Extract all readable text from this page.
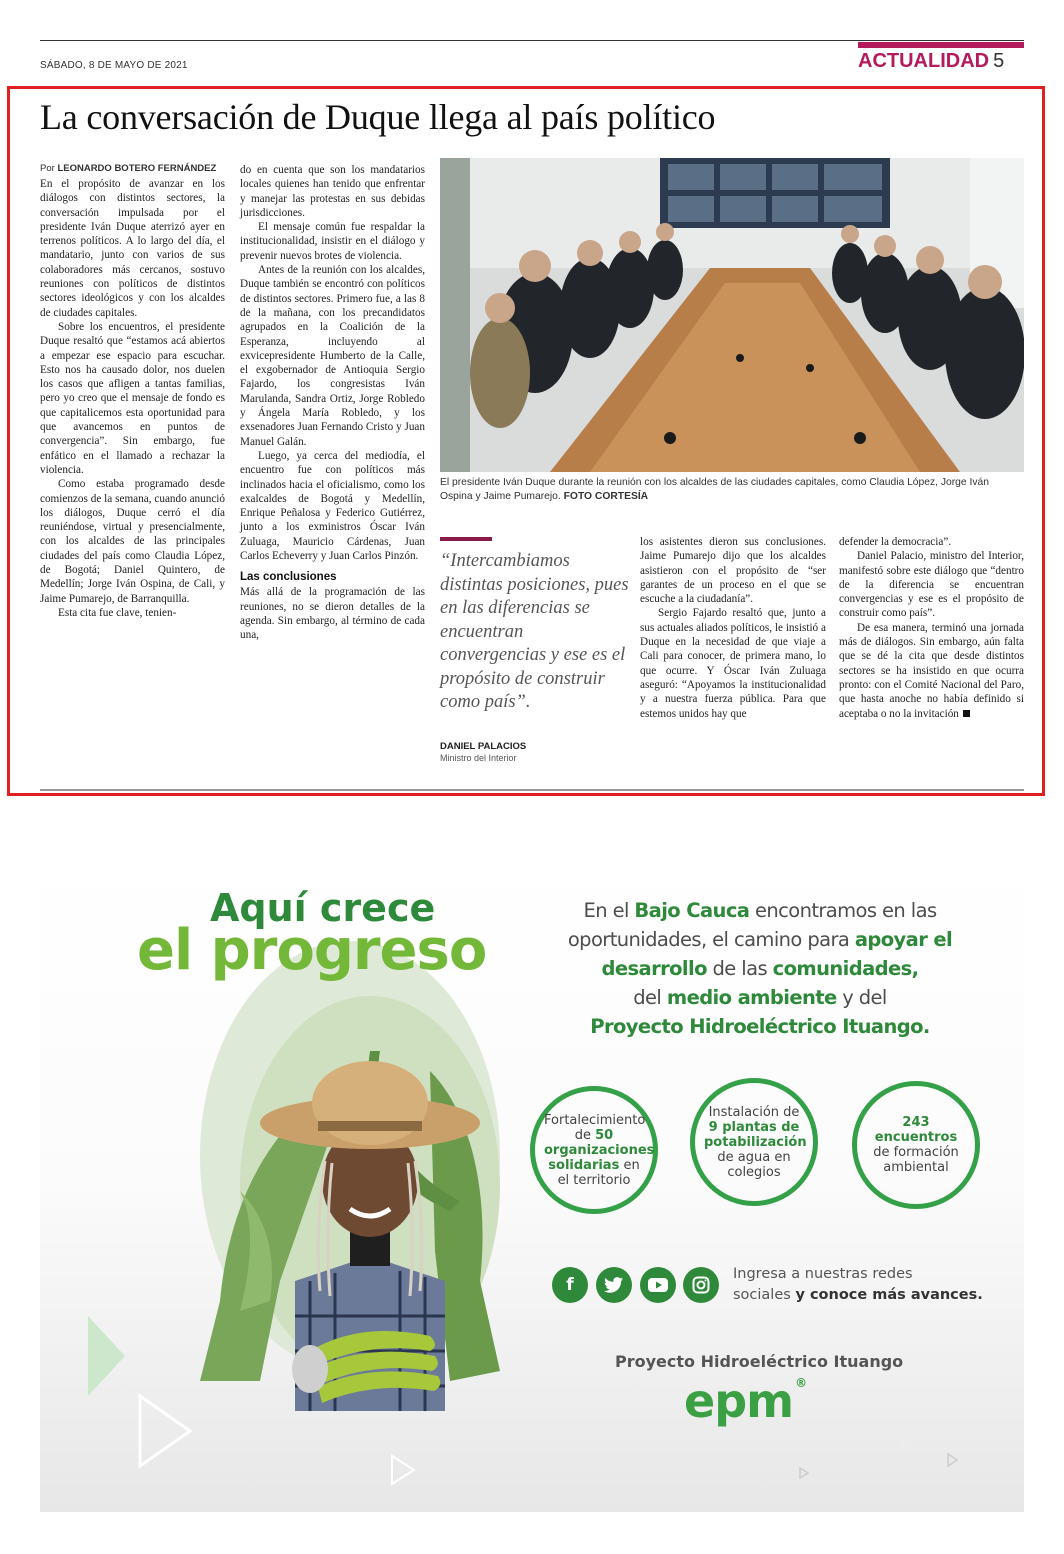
SÁBADO, 8 DE MAYO DE 2021	ACTUALIDAD 5
La conversación de Duque llega al país político

Por LEONARDO BOTERO FERNÁNDEZ

En el propósito de avanzar en los diálogos con distintos sectores, la conversación impulsada por el presidente Iván Duque aterrizó ayer en terrenos políticos. A lo largo del día, el mandatario, junto con varios de sus colaboradores más cercanos, sostuvo reuniones con políticos de distintos sectores ideológicos y con los alcaldes de ciudades capitales.

Sobre los encuentros, el presidente Duque resaltó que “estamos acá abiertos a empezar ese espacio para escuchar. Esto nos ha causado dolor, nos duelen los casos que afligen a tantas familias, pero yo creo que el mensaje de fondo es que capitalicemos esta oportunidad para que avancemos en puntos de convergencia”. Sin embargo, fue enfático en el llamado a rechazar la violencia.

Como estaba programado desde comienzos de la semana, cuando anunció los diálogos, Duque cerró el día reuniéndose, virtual y presencialmente, con los alcaldes de las principales ciudades del país como Claudia López, de Bogotá; Daniel Quintero, de Medellín; Jorge Iván Ospina, de Cali, y Jaime Pumarejo, de Barranquilla.

Esta cita fue clave, tenien-

do en cuenta que son los mandatarios locales quienes han tenido que enfrentar y manejar las protestas en sus debidas jurisdicciones.

El mensaje común fue respaldar la institucionalidad, insistir en el diálogo y prevenir nuevos brotes de violencia.

Antes de la reunión con los alcaldes, Duque también se encontró con políticos de distintos sectores. Primero fue, a las 8 de la mañana, con los precandidatos agrupados en la Coalición de la Esperanza, incluyendo al exvicepresidente Humberto de la Calle, el exgobernador de Antioquia Sergio Fajardo, los congresistas Iván Marulanda, Sandra Ortiz, Jorge Robledo y Ángela María Robledo, y los exsenadores Juan Fernando Cristo y Juan Manuel Galán.

Luego, ya cerca del mediodía, el encuentro fue con políticos más inclinados hacia el oficialismo, como los exalcaldes de Bogotá y Medellín, Enrique Peñalosa y Federico Gutiérrez, junto a los exministros Óscar Iván Zuluaga, Mauricio Cárdenas, Juan Carlos Echeverry y Juan Carlos Pinzón.

Las conclusiones

Más allá de la programación de las reuniones, no se dieron detalles de la agenda. Sin embargo, al término de cada una,

El presidente Iván Duque durante la reunión con los alcaldes de las ciudades capitales, como Claudia López, Jorge Iván Ospina y Jaime Pumarejo. FOTO CORTESÍA
“Intercambiamos distintas posiciones, pues en las diferencias se encuentran convergencias y ese es el propósito de construir como país”.
DANIEL PALACIOS
Ministro del Interior

los asistentes dieron sus conclusiones. Jaime Pumarejo dijo que los alcaldes asistieron con el propósito de “ser garantes de un proceso en el que se escuche a la ciudadanía”.

Sergio Fajardo resaltó que, junto a sus actuales aliados políticos, le insistió a Duque en la necesidad de que viaje a Cali para conocer, de primera mano, lo que ocurre. Y Óscar Iván Zuluaga aseguró: “Apoyamos la institucionalidad y a nuestra fuerza pública. Para que estemos unidos hay que

defender la democracia”.

Daniel Palacio, ministro del Interior, manifestó sobre este diálogo que “dentro de la diferencia se encuentran convergencias y ese es el propósito de construir como país”.

De esa manera, terminó una jornada más de diálogos. Sin embargo, aún falta que se dé la cita que desde distintos sectores se ha insistido en que ocurra pronto: con el Comité Nacional del Paro, que hasta anoche no había definido si aceptaba o no la invitación

Aquí crece
el progreso
En el Bajo Cauca encontramos en las oportunidades, el camino para apoyar el desarrollo de las comunidades,
del medio ambiente y del
Proyecto Hidroeléctrico Ituango.
Fortalecimiento de 50 organizaciones solidarias en el territorio
Instalación de 9 plantas de potabilización de agua en colegios
243 encuentros de formación ambiental
f
Ingresa a nuestras redes
sociales y conoce más avances.
Proyecto Hidroeléctrico Ituango
epm ®
